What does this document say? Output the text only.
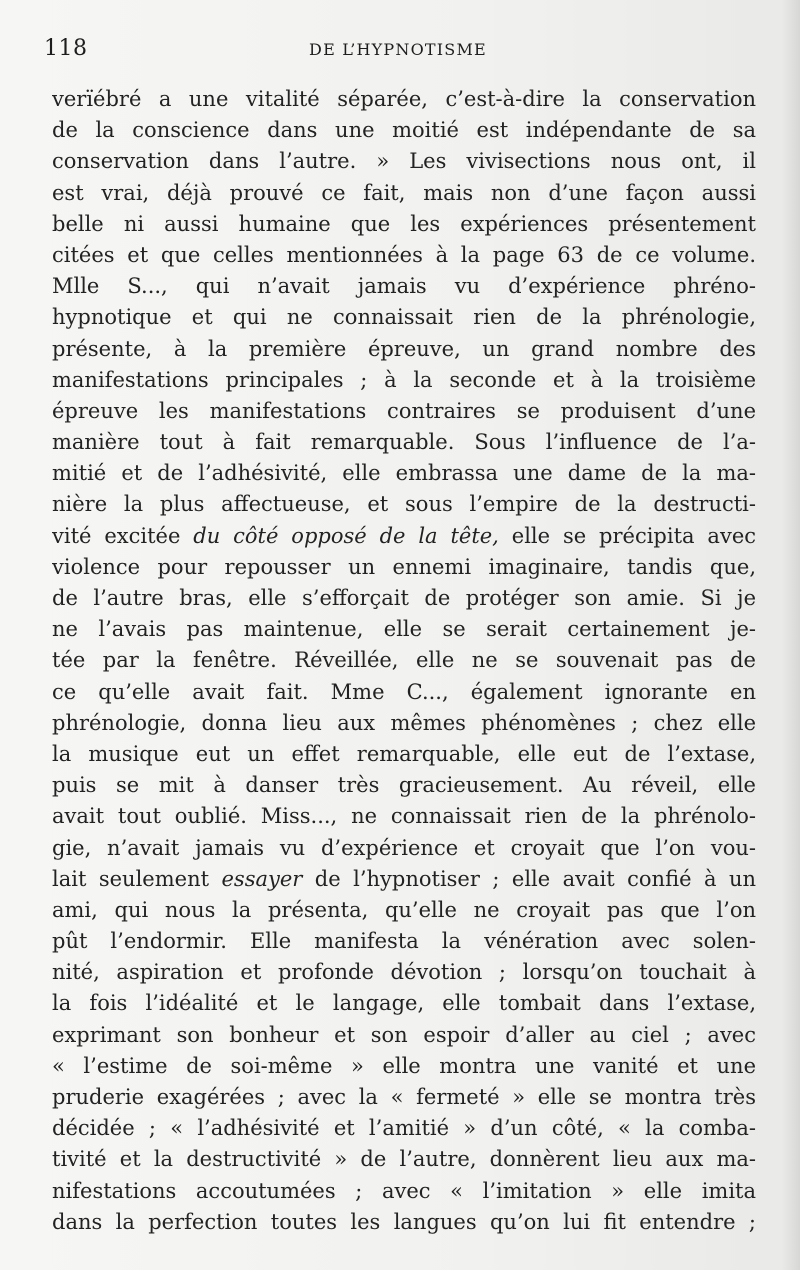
118	DE L’HYPNOTISME
verïébré a une vitalité séparée, c’est-à-dire la conservation
de la conscience dans une moitié est indépendante de sa
conservation dans l’autre. » Les vivisections nous ont, il
est vrai, déjà prouvé ce fait, mais non d’une façon aussi
belle ni aussi humaine que les expériences présentement
citées et que celles mentionnées à la page 63 de ce volume.
Mlle S..., qui n’avait jamais vu d’expérience phréno-
hypnotique et qui ne connaissait rien de la phrénologie,
présente, à la première épreuve, un grand nombre des
manifestations principales ; à la seconde et à la troisième
épreuve les manifestations contraires se produisent d’une
manière tout à fait remarquable. Sous l’influence de l’a-
mitié et de l’adhésivité, elle embrassa une dame de la ma-
nière la plus affectueuse, et sous l’empire de la destructi-
vité excitée du côté opposé de la tête, elle se précipita avec
violence pour repousser un ennemi imaginaire, tandis que,
de l’autre bras, elle s’efforçait de protéger son amie. Si je
ne l’avais pas maintenue, elle se serait certainement je-
tée par la fenêtre. Réveillée, elle ne se souvenait pas de
ce qu’elle avait fait. Mme C..., également ignorante en
phrénologie, donna lieu aux mêmes phénomènes ; chez elle
la musique eut un effet remarquable, elle eut de l’extase,
puis se mit à danser très gracieusement. Au réveil, elle
avait tout oublié. Miss..., ne connaissait rien de la phrénolo-
gie, n’avait jamais vu d’expérience et croyait que l’on vou-
lait seulement essayer de l’hypnotiser ; elle avait confié à un
ami, qui nous la présenta, qu’elle ne croyait pas que l’on
pût l’endormir. Elle manifesta la vénération avec solen-
nité, aspiration et profonde dévotion ; lorsqu’on touchait à
la fois l’idéalité et le langage, elle tombait dans l’extase,
exprimant son bonheur et son espoir d’aller au ciel ; avec
« l’estime de soi-même » elle montra une vanité et une
pruderie exagérées ; avec la « fermeté » elle se montra très
décidée ; « l’adhésivité et l’amitié » d’un côté, « la comba-
tivité et la destructivité » de l’autre, donnèrent lieu aux ma-
nifestations accoutumées ; avec « l’imitation » elle imita
dans la perfection toutes les langues qu’on lui fit entendre ;
